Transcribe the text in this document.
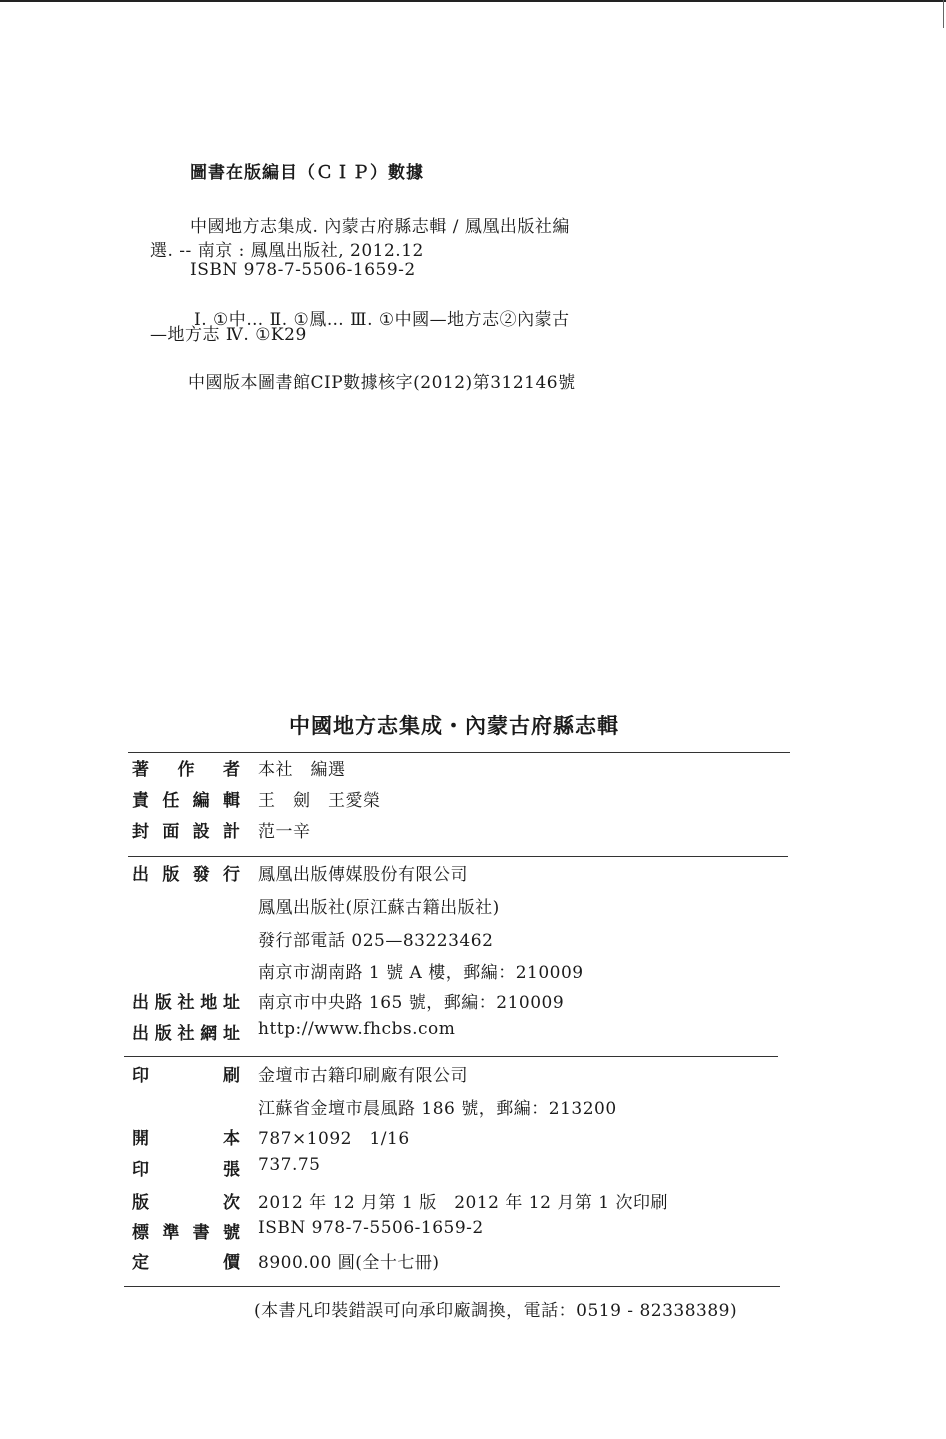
圖書在版編目（ＣＩＰ）數據
中國地方志集成. 內蒙古府縣志輯 / 鳳凰出版社編
選. -- 南京 : 鳳凰出版社, 2012.12
ISBN 978-7-5506-1659-2
Ⅰ. ①中… Ⅱ. ①鳳… Ⅲ. ①中國—地方志②內蒙古
—地方志 Ⅳ. ①K29
中國版本圖書館CIP數據核字(2012)第312146號
中國地方志集成・內蒙古府縣志輯
著 作 者 本社　編選
責 任 編 輯 王　劍　王愛榮
封 面 設 計 范一辛
出 版 發 行 鳳凰出版傳媒股份有限公司
鳳凰出版社(原江蘇古籍出版社)
發行部電話 025—83223462
南京市湖南路 1 號 A 樓，郵編：210009
出 版 社 地 址 南京市中央路 165 號，郵編：210009
出 版 社 網 址 http://www.fhcbs.com
印	刷 金壇市古籍印刷廠有限公司
江蘇省金壇市晨風路 186 號，郵編：213200
開	本 787×1092　1/16
印	張 737.75
版	次 2012 年 12 月第 1 版　2012 年 12 月第 1 次印刷
標 準 書 號 ISBN 978-7-5506-1659-2
定	價 8900.00 圓(全十七冊)
(本書凡印裝錯誤可向承印廠調換，電話：0519 - 82338389)
